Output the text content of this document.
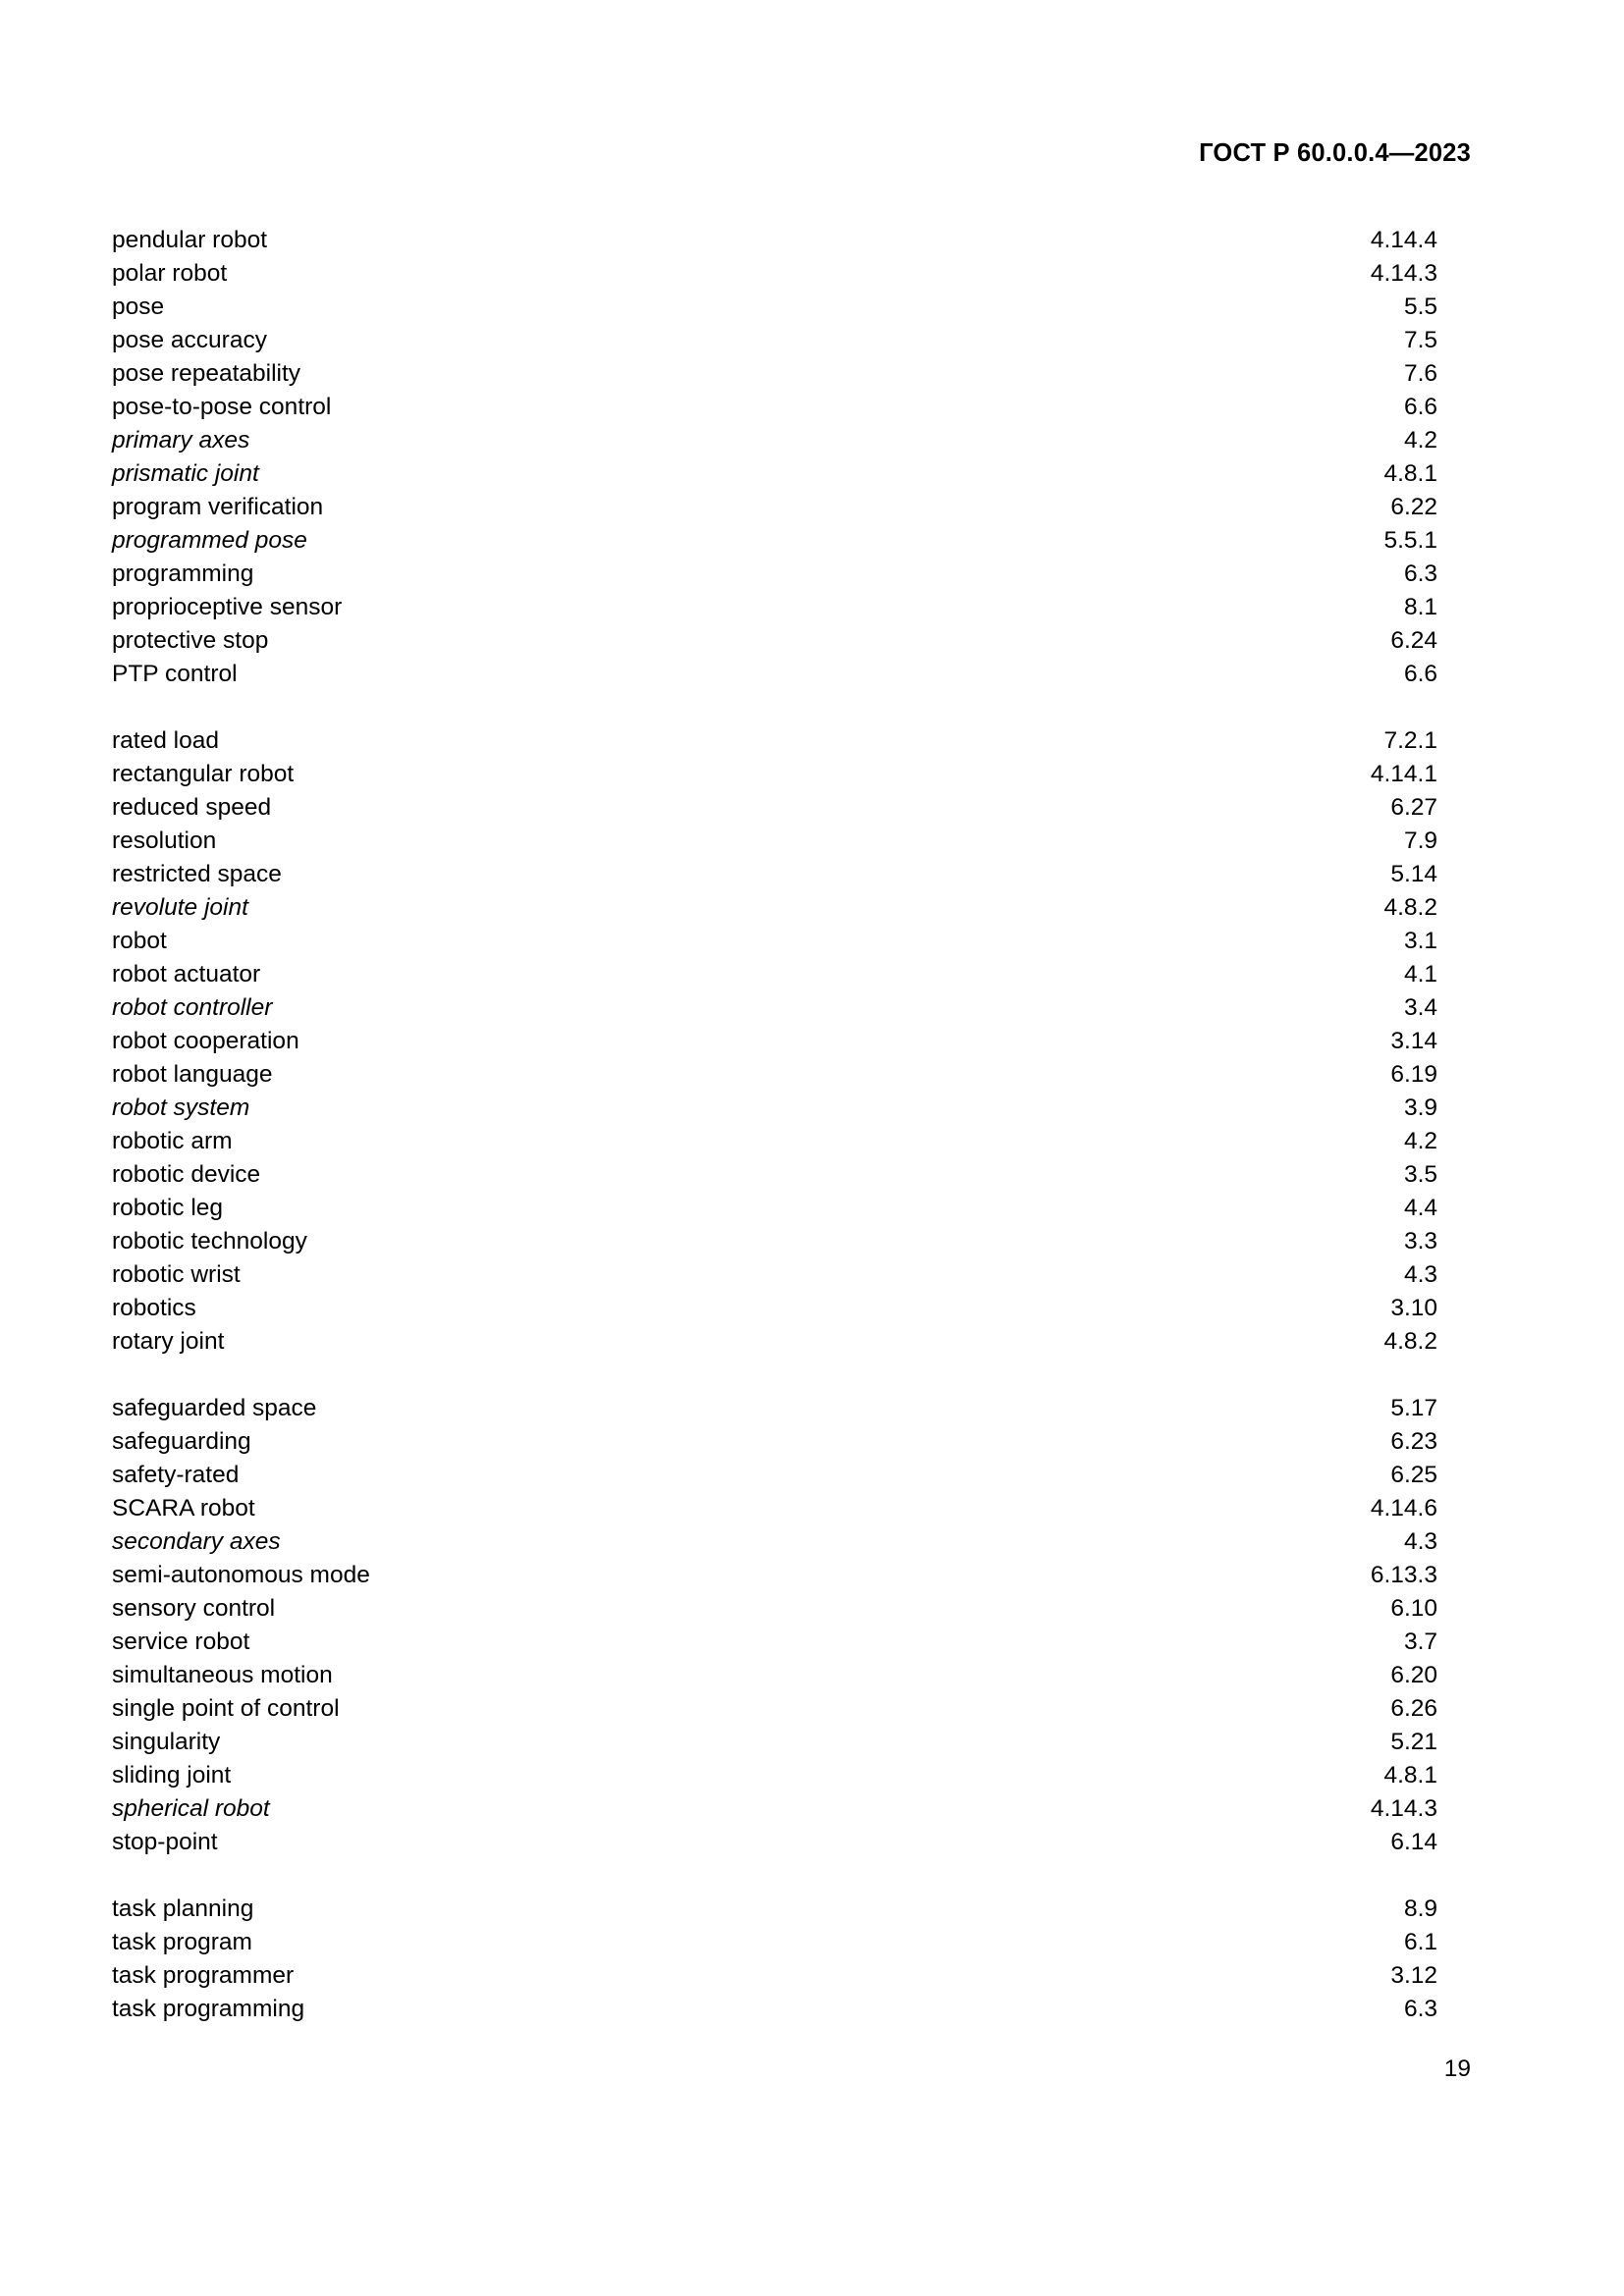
ГОСТ Р 60.0.0.4—2023
pendular robot	4.14.4
polar robot	4.14.3
pose	5.5
pose accuracy	7.5
pose repeatability	7.6
pose-to-pose control	6.6
primary axes	4.2
prismatic joint	4.8.1
program verification	6.22
programmed pose	5.5.1
programming	6.3
proprioceptive sensor	8.1
protective stop	6.24
PTP control	6.6
rated load	7.2.1
rectangular robot	4.14.1
reduced speed	6.27
resolution	7.9
restricted space	5.14
revolute joint	4.8.2
robot	3.1
robot actuator	4.1
robot controller	3.4
robot cooperation	3.14
robot language	6.19
robot system	3.9
robotic arm	4.2
robotic device	3.5
robotic leg	4.4
robotic technology	3.3
robotic wrist	4.3
robotics	3.10
rotary joint	4.8.2
safeguarded space	5.17
safeguarding	6.23
safety-rated	6.25
SCARA robot	4.14.6
secondary axes	4.3
semi-autonomous mode	6.13.3
sensory control	6.10
service robot	3.7
simultaneous motion	6.20
single point of control	6.26
singularity	5.21
sliding joint	4.8.1
spherical robot	4.14.3
stop-point	6.14
task planning	8.9
task program	6.1
task programmer	3.12
task programming	6.3
19
